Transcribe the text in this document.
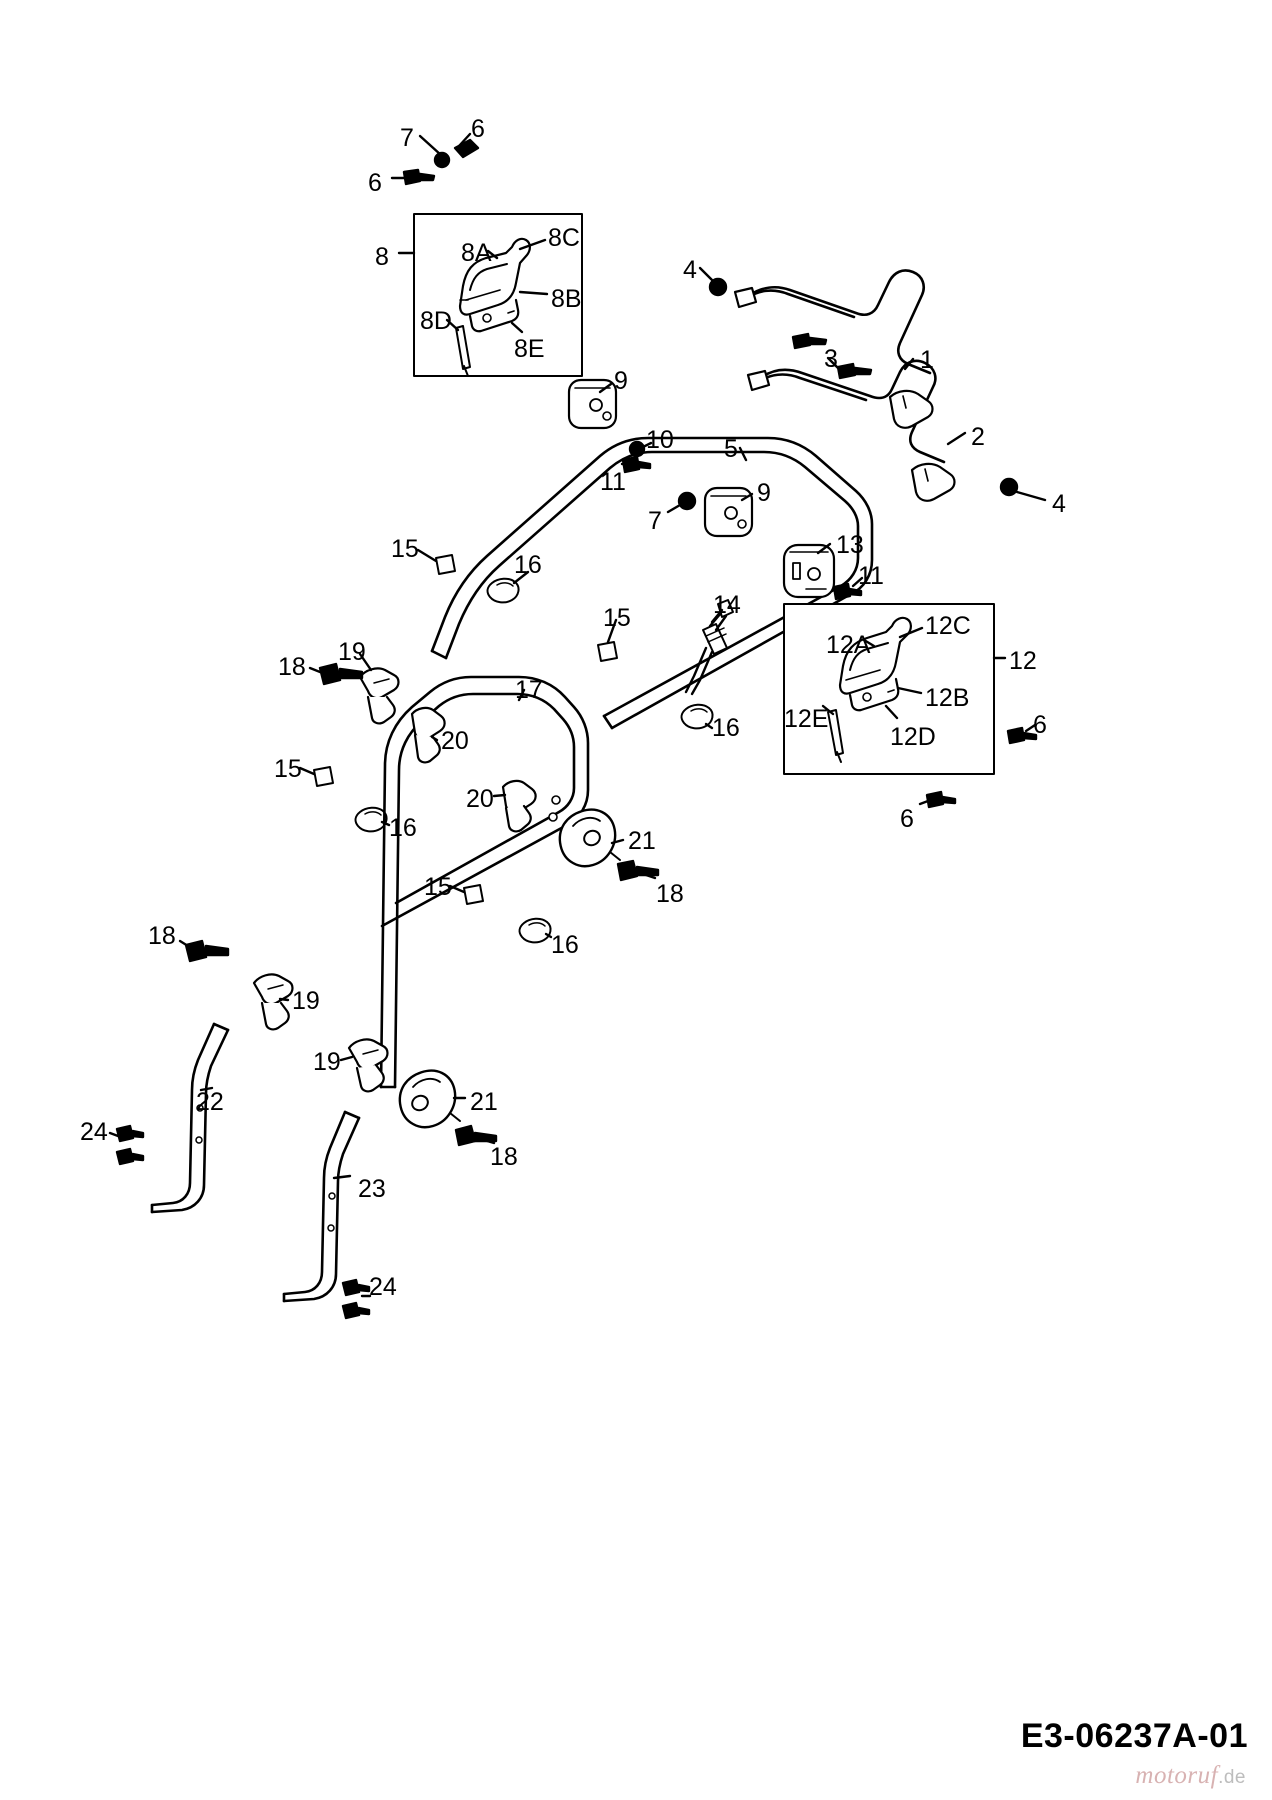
7 6
6
8	8A
8C
8B
8D
8E
4
3	1
2
4
9
10 5
11	9
7
13
11
15
16
15	14
12A
12C
12
12B
12E
12D	6
6
18
19
17
16
20
15
20
16	21
15	18
16
18
19
19
22
24
21
18
23
24
E3-06237A-01
motoruf.de
